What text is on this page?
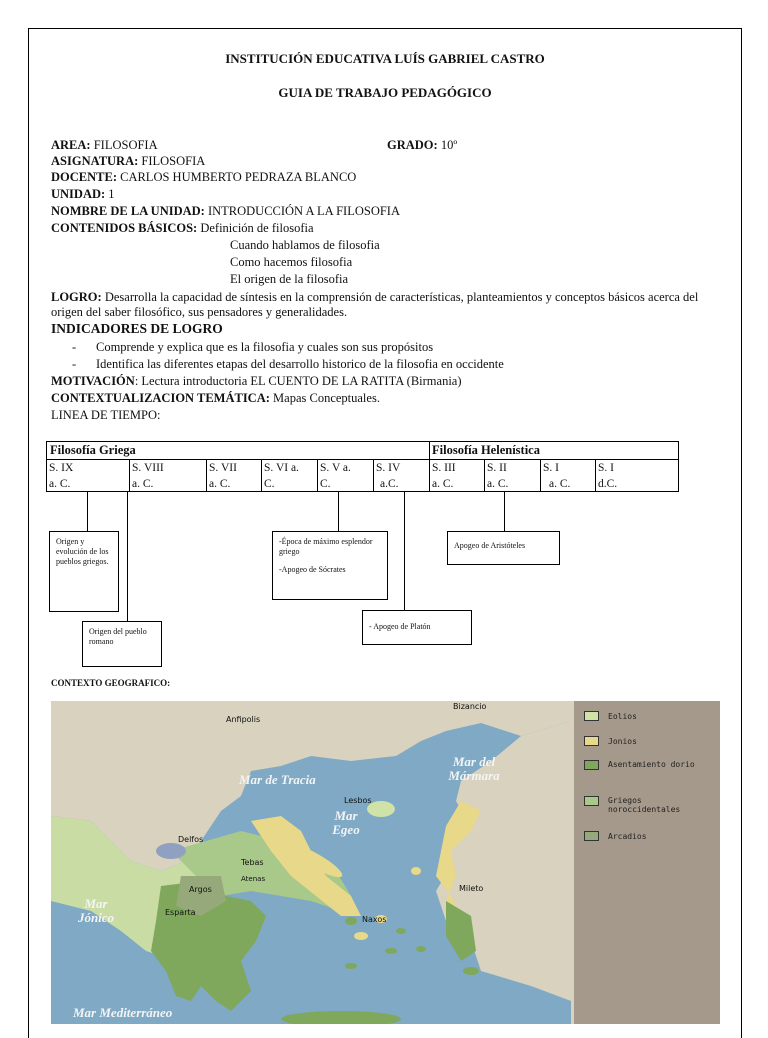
INSTITUCIÓN EDUCATIVA LUÍS GABRIEL CASTRO
GUIA DE TRABAJO PEDAGÓGICO
AREA: FILOSOFIA	GRADO: 10º
ASIGNATURA: FILOSOFIA
DOCENTE: CARLOS HUMBERTO PEDRAZA BLANCO
UNIDAD: 1
NOMBRE DE LA UNIDAD: INTRODUCCIÓN A LA FILOSOFIA
CONTENIDOS BÁSICOS: Definición de filosofia
Cuando hablamos de filosofia
Como hacemos filosofia
El origen de la filosofia
LOGRO: Desarrolla la capacidad de síntesis en la comprensión de características, planteamientos y conceptos básicos acerca del origen del saber filosófico, sus pensadores y generalidades.
INDICADORES DE LOGRO
- Comprende y explica que es la filosofia y cuales son sus propósitos
- Identifica las diferentes etapas del desarrollo historico de la filosofia en occidente
MOTIVACIÓN: Lectura introductoria EL CUENTO DE LA RATITA (Birmania)
CONTEXTUALIZACION TEMÁTICA: Mapas Conceptuales.
LINEA DE TIEMPO:
Filosofía Griega	Filosofía Helenística
S. IX
a. C.
S. VIII
a. C.
S. VII
a. C.
S. VI a.
C.
S. V a.
C.
S. IV
a.C.
S. III
a. C.
S. II
a. C.
S. I
a. C.
S. I
d.C.
Origen y evolución de los pueblos griegos.
Origen del pueblo romano
-Época de máximo esplendor griego
-Apogeo de Sócrates
- Apogeo de Platón
Apogeo de Aristóteles
CONTEXTO GEOGRAFICO:
Mar de Tracia
Mar Egeo
Mar del Mármara
Mar Jónico
Mar Mediterráneo
Anfipolis
Bizancio
Lesbos
Delfos
Tebas
Atenas
Argos
Esparta
Naxos
Mileto
Eolios
Jonios
Asentamiento dorio
Griegos noroccidentales
Arcadios
